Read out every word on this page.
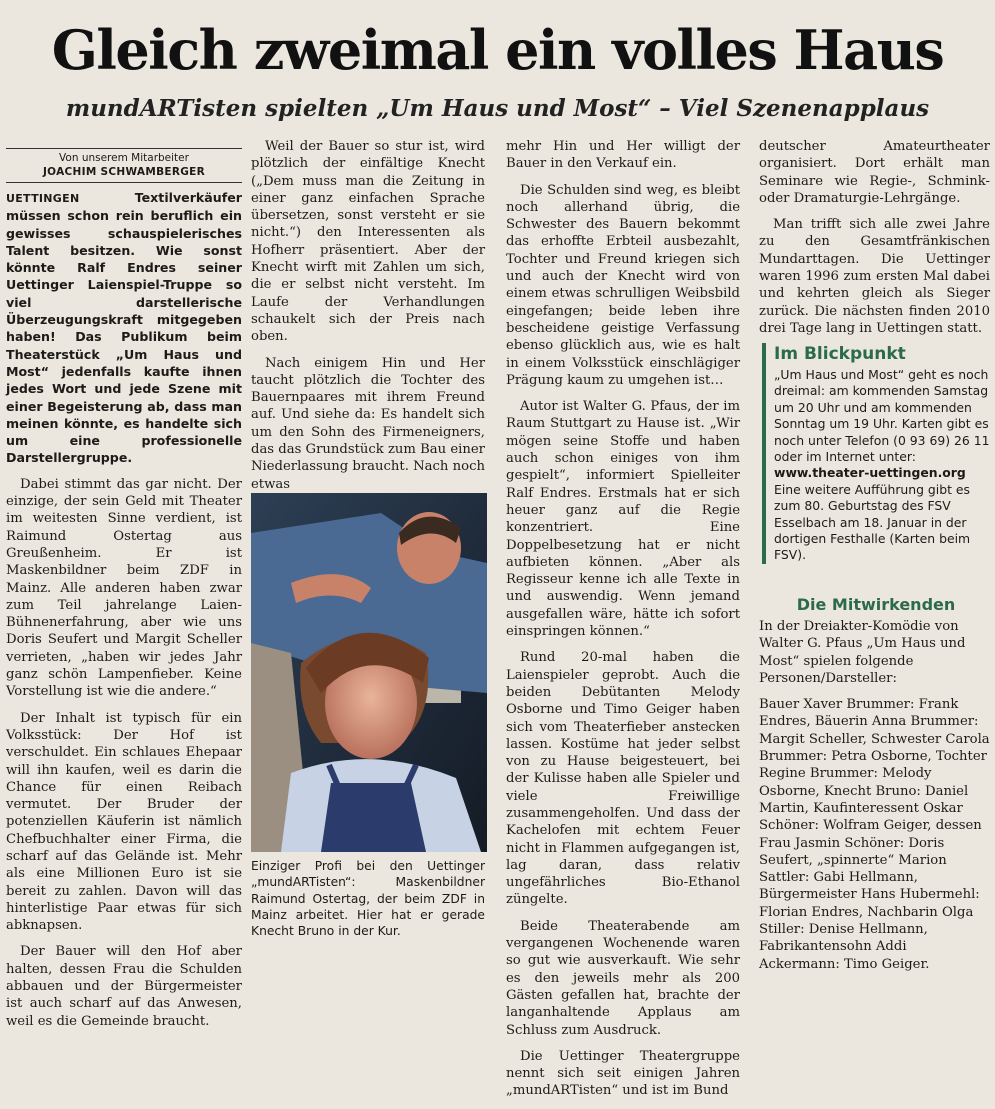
Gleich zweimal ein volles Haus
mundARTisten spielten „Um Haus und Most“ – Viel Szenenapplaus
Von unserem Mitarbeiter
JOACHIM SCHWAMBERGER

UETTINGEN	Textilverkäufer müssen schon rein beruflich ein gewisses schauspielerisches Talent besitzen. Wie sonst könnte Ralf Endres seiner Uettinger Laienspiel-Truppe so viel darstellerische Überzeugungskraft mitgegeben haben! Das Publikum beim Theaterstück „Um Haus und Most“ jedenfalls kaufte ihnen jedes Wort und jede Szene mit einer Begeisterung ab, dass man meinen könnte, es handelte sich um eine professionelle Darstellergruppe.

Dabei stimmt das gar nicht. Der einzige, der sein Geld mit Theater im weitesten Sinne verdient, ist Raimund Ostertag aus Greußenheim. Er ist Maskenbildner beim ZDF in Mainz. Alle anderen haben zwar zum Teil jahrelange Laien-Bühnenerfahrung, aber wie uns Doris Seufert und Margit Scheller verrieten, „haben wir jedes Jahr ganz schön Lampenfieber. Keine Vorstellung ist wie die andere.“

Der Inhalt ist typisch für ein Volksstück: Der Hof ist verschuldet. Ein schlaues Ehepaar will ihn kaufen, weil es darin die Chance für einen Reibach vermutet. Der Bruder der potenziellen Käuferin ist nämlich Chefbuchhalter einer Firma, die scharf auf das Gelände ist. Mehr als eine Millionen Euro ist sie bereit zu zahlen. Davon will das hinterlistige Paar etwas für sich abknapsen.

Der Bauer will den Hof aber halten, dessen Frau die Schulden abbauen und der Bürgermeister ist auch scharf auf das Anwesen, weil es die Gemeinde braucht.

Weil der Bauer so stur ist, wird plötzlich der einfältige Knecht („Dem muss man die Zeitung in einer ganz einfachen Sprache übersetzen, sonst versteht er sie nicht.“) den Interessenten als Hofherr präsentiert. Aber der Knecht wirft mit Zahlen um sich, die er selbst nicht versteht. Im Laufe der Verhandlungen schaukelt sich der Preis nach oben.

Nach einigem Hin und Her taucht plötzlich die Tochter des Bauernpaares mit ihrem Freund auf. Und siehe da: Es handelt sich um den Sohn des Firmeneigners, das das Grundstück zum Bau einer Niederlassung braucht. Nach noch etwas

Einziger Profi bei den Uettinger „mundARTisten“: Maskenbildner Raimund Ostertag, der beim ZDF in Mainz arbeitet. Hier hat er gerade Knecht Bruno in der Kur.

mehr Hin und Her willigt der Bauer in den Verkauf ein.

Die Schulden sind weg, es bleibt noch allerhand übrig, die Schwester des Bauern bekommt das erhoffte Erbteil ausbezahlt, Tochter und Freund kriegen sich und auch der Knecht wird von einem etwas schrulligen Weibsbild eingefangen; beide leben ihre bescheidene geistige Verfassung ebenso glücklich aus, wie es halt in einem Volksstück einschlägiger Prägung kaum zu umgehen ist…

Autor ist Walter G. Pfaus, der im Raum Stuttgart zu Hause ist. „Wir mögen seine Stoffe und haben auch schon einiges von ihm gespielt“, informiert Spielleiter Ralf Endres. Erstmals hat er sich heuer ganz auf die Regie konzentriert. Eine Doppelbesetzung hat er nicht aufbieten können. „Aber als Regisseur kenne ich alle Texte in und auswendig. Wenn jemand ausgefallen wäre, hätte ich sofort einspringen können.“

Rund 20-mal haben die Laienspieler geprobt. Auch die beiden Debütanten Melody Osborne und Timo Geiger haben sich vom Theaterfieber anstecken lassen. Kostüme hat jeder selbst von zu Hause beigesteuert, bei der Kulisse haben alle Spieler und viele Freiwillige zusammengeholfen. Und dass der Kachelofen mit echtem Feuer nicht in Flammen aufgegangen ist, lag daran, dass relativ ungefährliches Bio-Ethanol züngelte.

Beide Theaterabende am vergangenen Wochenende waren so gut wie ausverkauft. Wie sehr es den jeweils mehr als 200 Gästen gefallen hat, brachte der langanhaltende Applaus am Schluss zum Ausdruck.

Die Uettinger Theatergruppe nennt sich seit einigen Jahren „mundARTisten“ und ist im Bund

deutscher Amateurtheater organisiert. Dort erhält man Seminare wie Regie-, Schmink- oder Dramaturgie-Lehrgänge.

Man trifft sich alle zwei Jahre zu den Gesamtfränkischen Mundarttagen. Die Uettinger waren 1996 zum ersten Mal dabei und kehrten gleich als Sieger zurück. Die nächsten finden 2010 drei Tage lang in Uettingen statt.

Im Blickpunkt
„Um Haus und Most“ geht es noch dreimal: am kommenden Samstag um 20 Uhr und am kommenden Sonntag um 19 Uhr. Karten gibt es noch unter Telefon (0 93 69) 26 11 oder im Internet unter:
www.theater-uettingen.org
Eine weitere Aufführung gibt es zum 80. Geburtstag des FSV Esselbach am 18. Januar in der dortigen Festhalle (Karten beim FSV).
Die Mitwirkenden

In der Dreiakter-Komödie von Walter G. Pfaus „Um Haus und Most“ spielen folgende Personen/Darsteller:

Bauer Xaver Brummer: Frank Endres, Bäuerin Anna Brummer: Margit Scheller, Schwester Carola Brummer: Petra Osborne, Tochter Regine Brummer: Melody Osborne, Knecht Bruno: Daniel Martin, Kaufinteressent Oskar Schöner: Wolfram Geiger, dessen Frau Jasmin Schöner: Doris Seufert, „spinnerte“ Marion Sattler: Gabi Hellmann, Bürgermeister Hans Hubermehl: Florian Endres, Nachbarin Olga Stiller: Denise Hellmann, Fabrikantensohn Addi Ackermann: Timo Geiger.
